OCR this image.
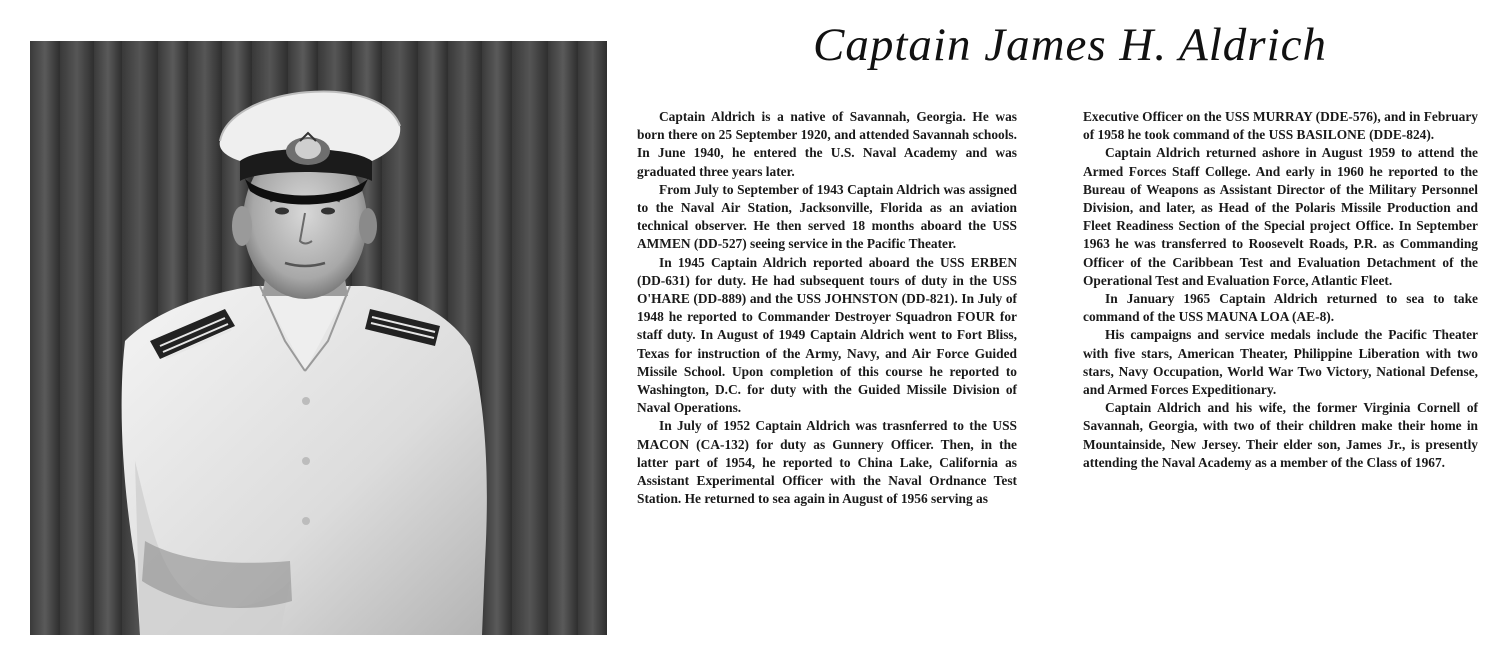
Captain James H. Aldrich

Captain Aldrich is a native of Savannah, Georgia. He was born there on 25 September 1920, and attended Savannah schools. In June 1940, he entered the U.S. Naval Academy and was graduated three years later.

From July to September of 1943 Captain Aldrich was assigned to the Naval Air Station, Jacksonville, Florida as an aviation technical observer. He then served 18 months aboard the USS AMMEN (DD-527) seeing service in the Pacific Theater.

In 1945 Captain Aldrich reported aboard the USS ERBEN (DD-631) for duty. He had subsequent tours of duty in the USS O'HARE (DD-889) and the USS JOHNSTON (DD-821). In July of 1948 he reported to Commander Destroyer Squadron FOUR for staff duty. In August of 1949 Captain Aldrich went to Fort Bliss, Texas for instruction of the Army, Navy, and Air Force Guided Missile School. Upon completion of this course he reported to Washington, D.C. for duty with the Guided Missile Division of Naval Operations.

In July of 1952 Captain Aldrich was trasnferred to the USS MACON (CA-132) for duty as Gunnery Officer. Then, in the latter part of 1954, he reported to China Lake, California as Assistant Experimental Officer with the Naval Ordnance Test Station. He returned to sea again in August of 1956 serving as

Executive Officer on the USS MURRAY (DDE-576), and in February of 1958 he took command of the USS BASILONE (DDE-824).

Captain Aldrich returned ashore in August 1959 to attend the Armed Forces Staff College. And early in 1960 he reported to the Bureau of Weapons as Assistant Director of the Military Personnel Division, and later, as Head of the Polaris Missile Production and Fleet Readiness Section of the Special project Office. In September 1963 he was transferred to Roosevelt Roads, P.R. as Commanding Officer of the Caribbean Test and Evaluation Detachment of the Operational Test and Evaluation Force, Atlantic Fleet.

In January 1965 Captain Aldrich returned to sea to take command of the USS MAUNA LOA (AE-8).

His campaigns and service medals include the Pacific Theater with five stars, American Theater, Philippine Liberation with two stars, Navy Occupation, World War Two Victory, National Defense, and Armed Forces Expeditionary.

Captain Aldrich and his wife, the former Virginia Cornell of Savannah, Georgia, with two of their children make their home in Mountainside, New Jersey. Their elder son, James Jr., is presently attending the Naval Academy as a member of the Class of 1967.
